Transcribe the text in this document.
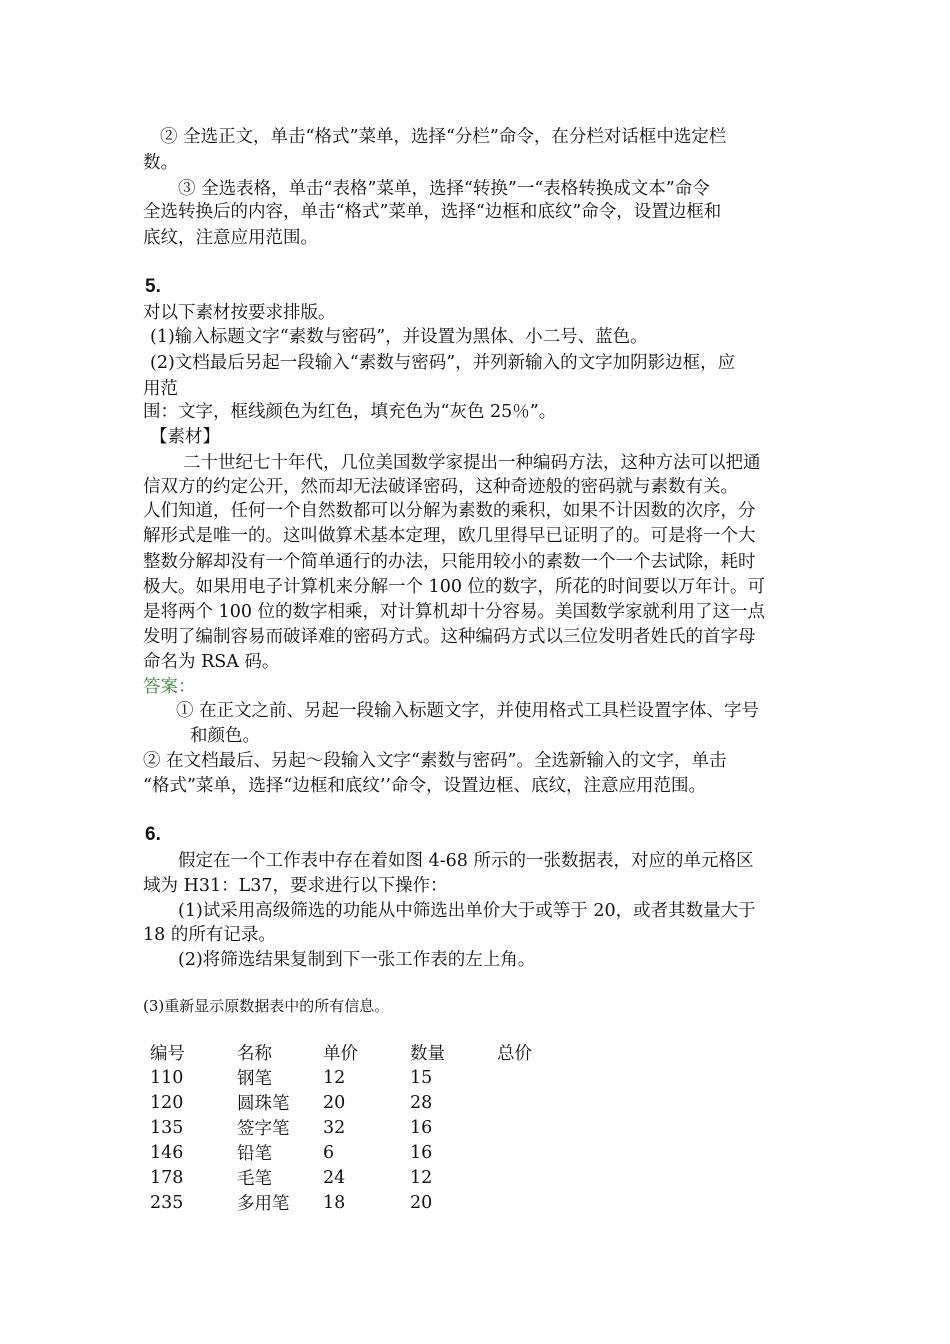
② 全选正文，单击“格式”菜单，选择“分栏”命令，在分栏对话框中选定栏
数。
③ 全选表格，单击“表格”菜单，选择“转换”一“表格转换成文本”命令
全选转换后的内容，单击“格式”菜单，选择“边框和底纹”命令，设置边框和
底纹，注意应用范围。
5.
对以下素材按要求排版。
(1)输入标题文字“素数与密码”，并设置为黑体、小二号、蓝色。
(2)文档最后另起一段输入“素数与密码”，并列新输入的文字加阴影边框，应
用范
围：文字，框线颜色为红色，填充色为“灰色 25％”。
【素材】
二十世纪七十年代，几位美国数学家提出一种编码方法，这种方法可以把通
信双方的约定公开，然而却无法破译密码，这种奇迹般的密码就与素数有关。
人们知道，任何一个自然数都可以分解为素数的乘积，如果不计因数的次序，分
解形式是唯一的。这叫做算术基本定理，欧几里得早已证明了的。可是将一个大
整数分解却没有一个简单通行的办法，只能用较小的素数一个一个去试除，耗时
极大。如果用电子计算机来分解一个 100 位的数字，所花的时间要以万年计。可
是将两个 100 位的数字相乘，对计算机却十分容易。美国数学家就利用了这一点
发明了编制容易而破译难的密码方式。这种编码方式以三位发明者姓氏的首字母
命名为 RSA 码。
答案：
① 在正文之前、另起一段输入标题文字，并使用格式工具栏设置字体、字号
和颜色。
② 在文档最后、另起～段输入文字“素数与密码”。全选新输入的文字，单击
“格式”菜单，选择“边框和底纹’’命令，设置边框、底纹，注意应用范围。
6.
假定在一个工作表中存在着如图 4-68 所示的一张数据表，对应的单元格区
域为 H31：L37，要求进行以下操作：
(1)试采用高级筛选的功能从中筛选出单价大于或等于 20，或者其数量大于
18 的所有记录。
(2)将筛选结果复制到下一张工作表的左上角。
(3)重新显示原数据表中的所有信息。
编号	名称	单价	数量	总价
110	钢笔	12	15	
120	圆珠笔	20	28	
135	签字笔	32	16	
146	铅笔	6	16	
178	毛笔	24	12	
235	多用笔	18	20	
